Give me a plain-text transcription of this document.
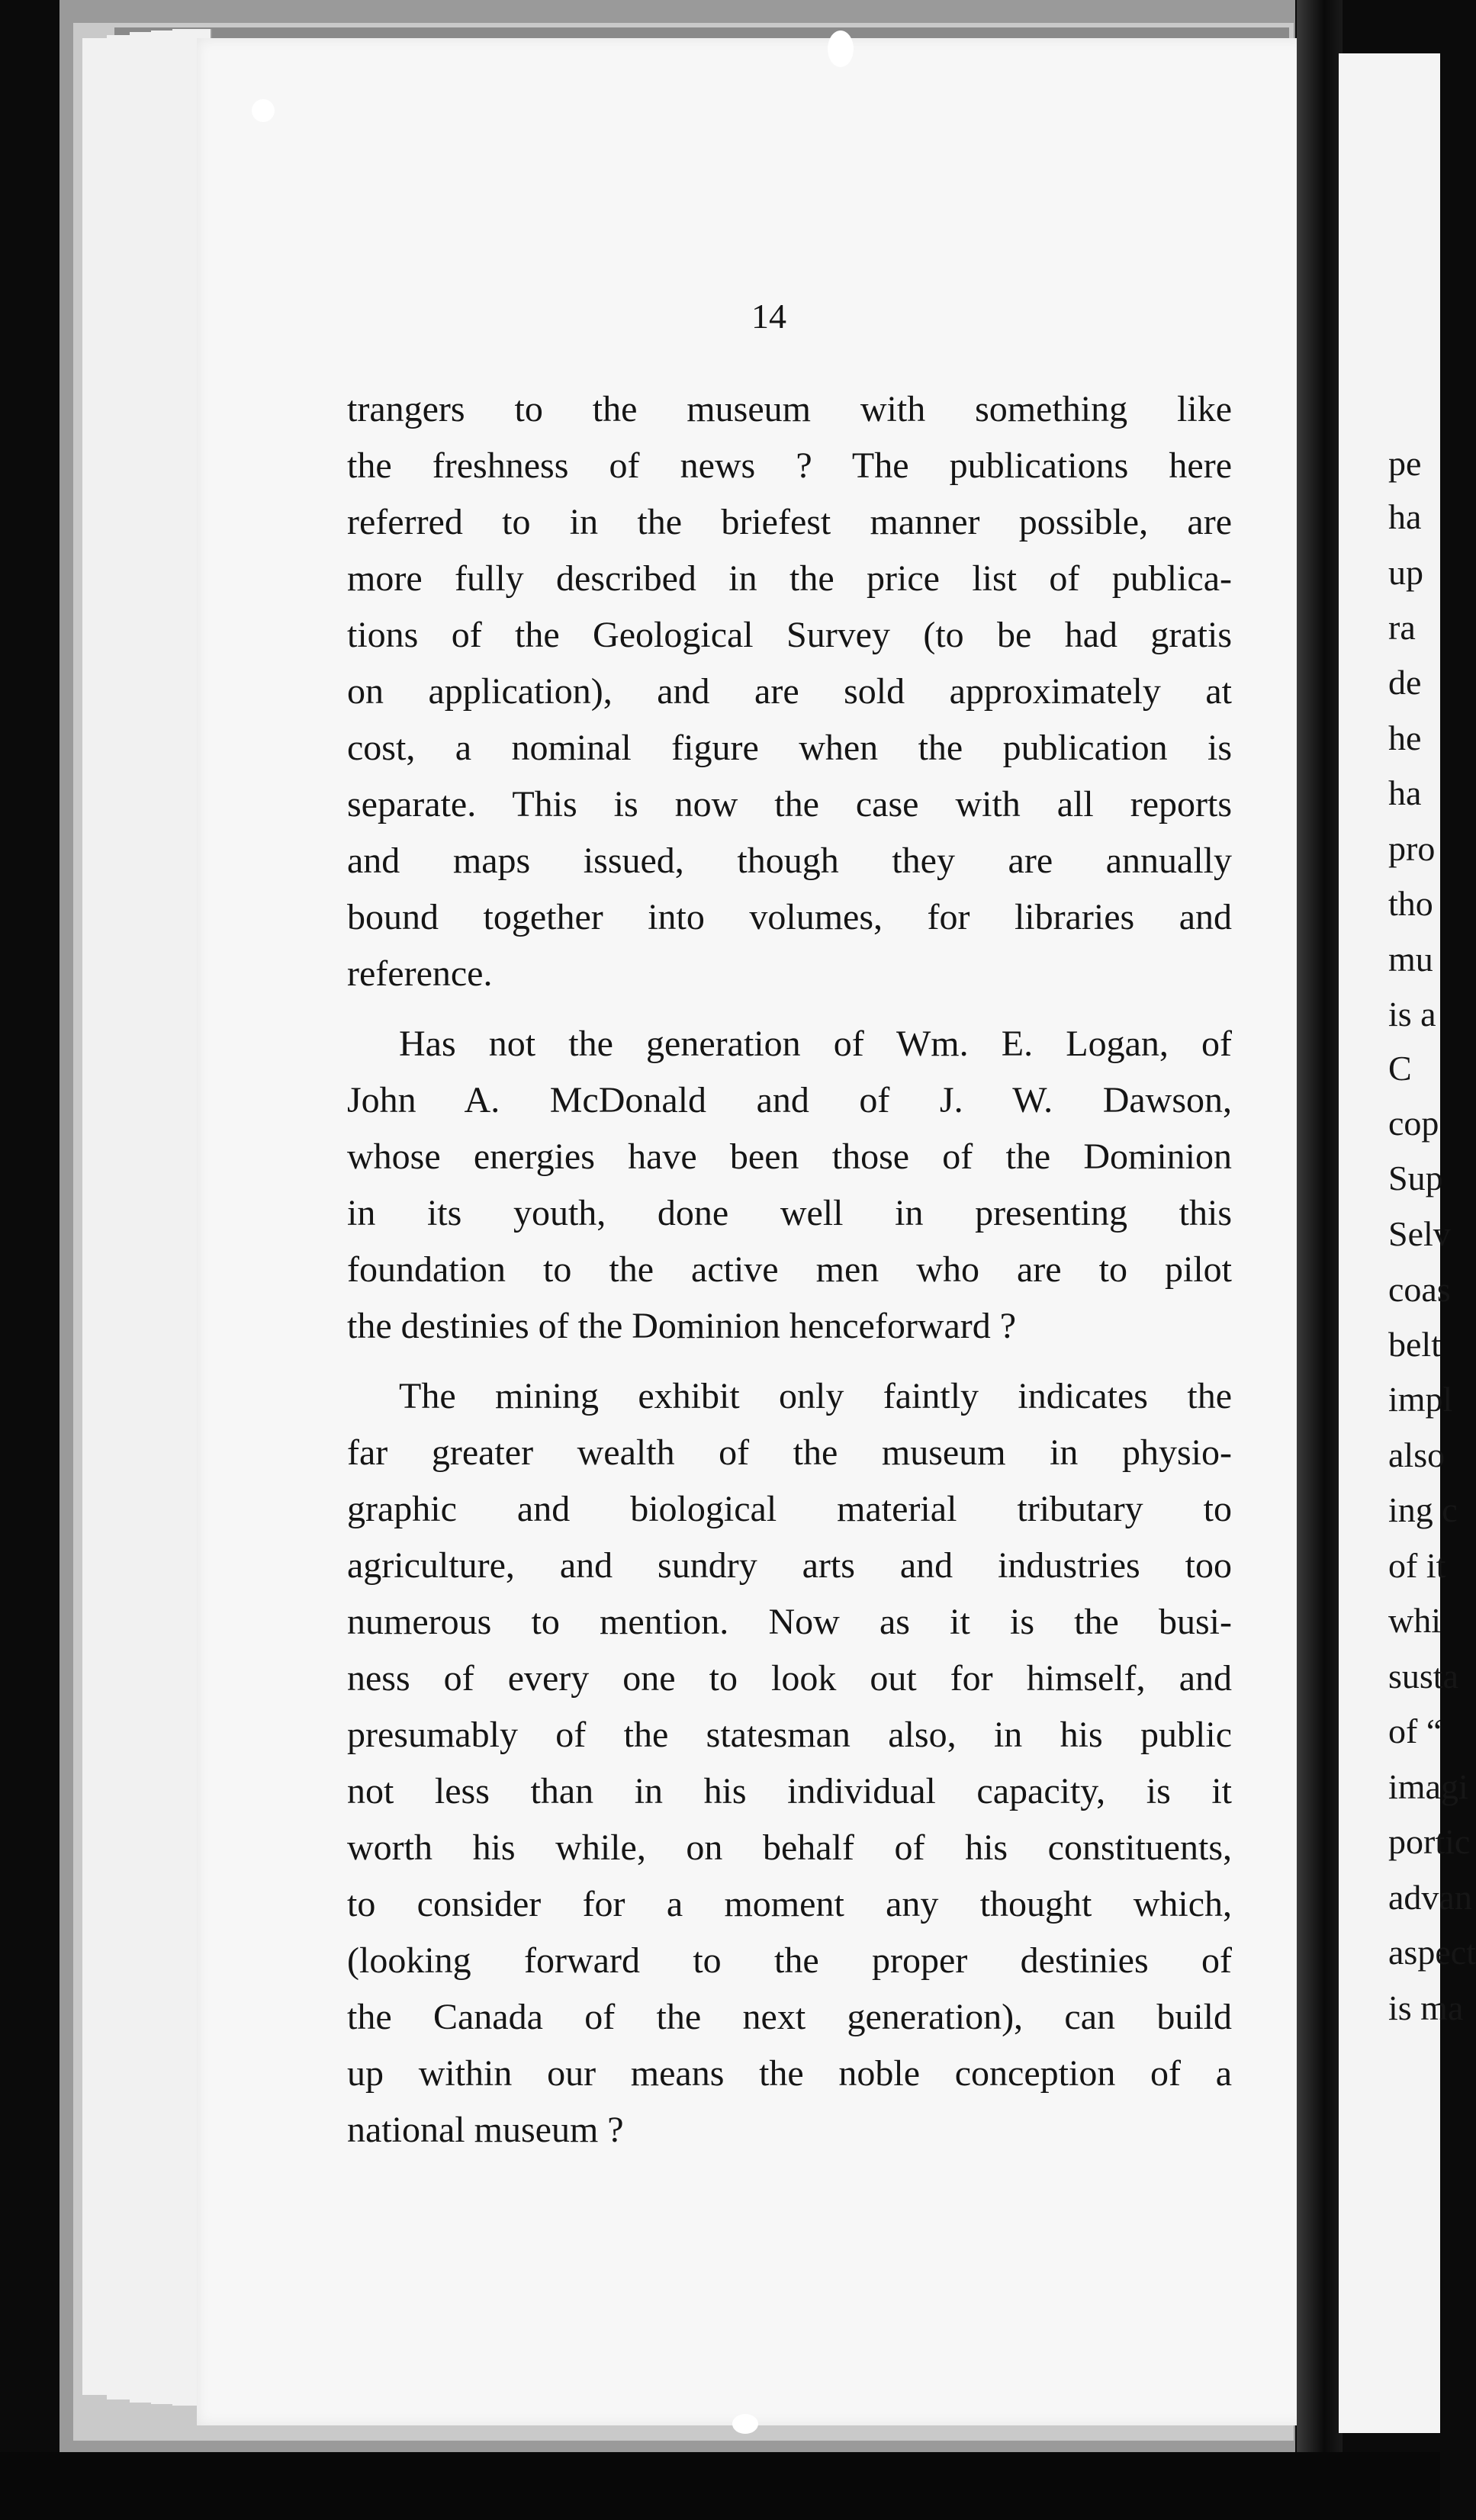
pe
ha
up
ra
de
he
ha
pro
tho
mu
is a
C
cop
Sup
Selv
coas
belt
impl
also
ing c
of it
whi
susta
of “
imagi
portic
advan
aspect
is ma
14
trangers to the museum with something like
the freshness of news ? The publications here
referred to in the briefest manner possible, are
more fully described in the price list of publica-
tions of the Geological Survey (to be had gratis
on application), and are sold approximately at
cost, a nominal figure when the publication is
separate. This is now the case with all reports
and maps issued, though they are annually
bound together into volumes, for libraries and
reference.
Has not the generation of Wm. E. Logan, of
John A. McDonald and of J. W. Dawson,
whose energies have been those of the Dominion
in its youth, done well in presenting this
foundation to the active men who are to pilot
the destinies of the Dominion henceforward ?
The mining exhibit only faintly indicates the
far greater wealth of the museum in physio-
graphic and biological material tributary to
agriculture, and sundry arts and industries too
numerous to mention. Now as it is the busi-
ness of every one to look out for himself, and
presumably of the statesman also, in his public
not less than in his individual capacity, is it
worth his while, on behalf of his constituents,
to consider for a moment any thought which,
(looking forward to the proper destinies of
the Canada of the next generation), can build
up within our means the noble conception of a
national museum ?
